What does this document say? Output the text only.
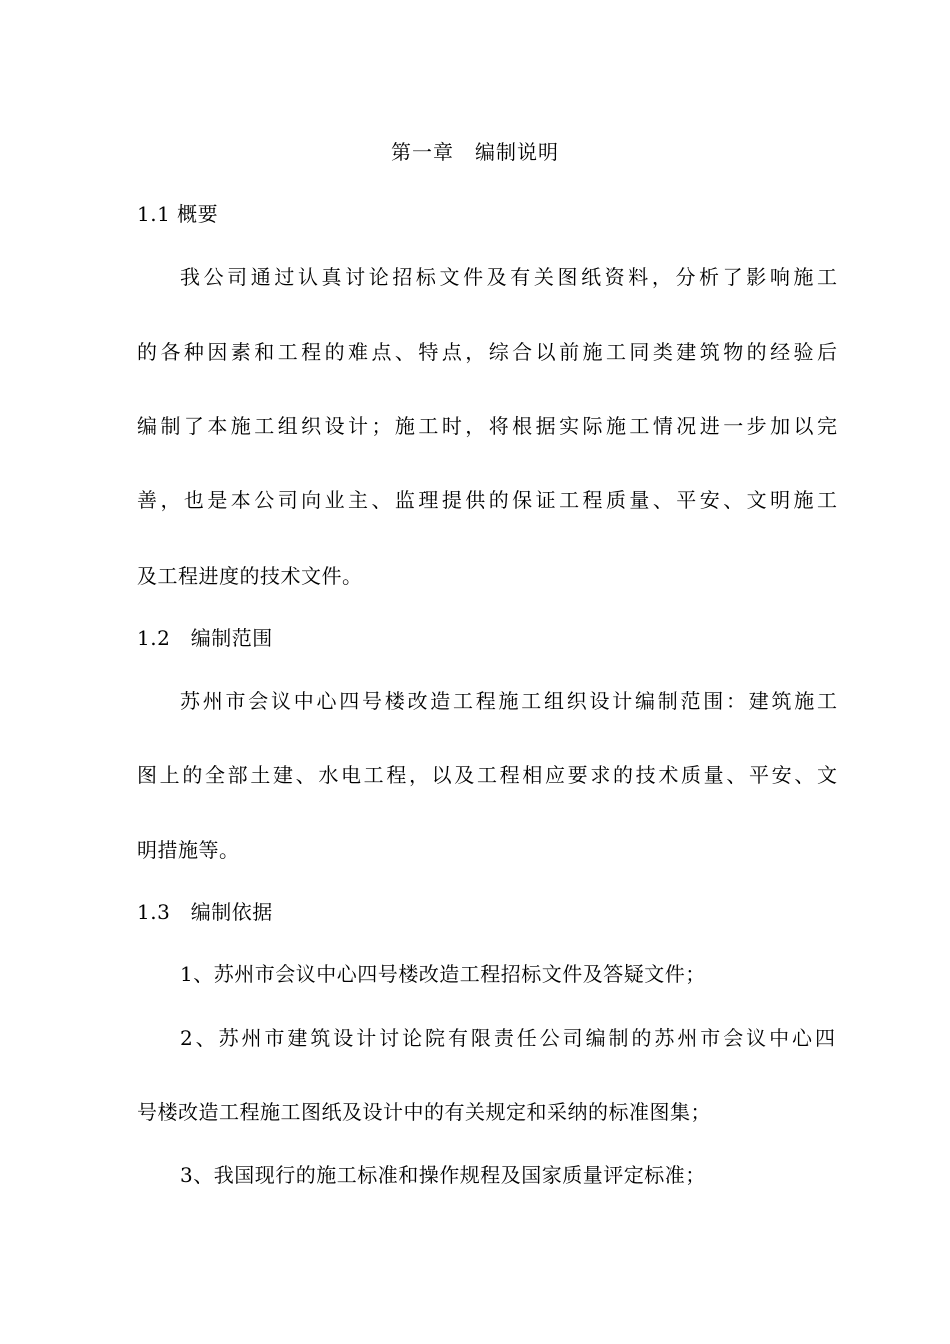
第一章　编制说明
1.1 概要
我公司通过认真讨论招标文件及有关图纸资料，分析了影响施工
的各种因素和工程的难点、特点，综合以前施工同类建筑物的经验后
编制了本施工组织设计；施工时，将根据实际施工情况进一步加以完
善，也是本公司向业主、监理提供的保证工程质量、平安、文明施工
及工程进度的技术文件。
1.2　编制范围
苏州市会议中心四号楼改造工程施工组织设计编制范围：建筑施工
图上的全部土建、水电工程，以及工程相应要求的技术质量、平安、文
明措施等。
1.3　编制依据
1、苏州市会议中心四号楼改造工程招标文件及答疑文件；
2、苏州市建筑设计讨论院有限责任公司编制的苏州市会议中心四
号楼改造工程施工图纸及设计中的有关规定和采纳的标准图集；
3、我国现行的施工标准和操作规程及国家质量评定标准；
